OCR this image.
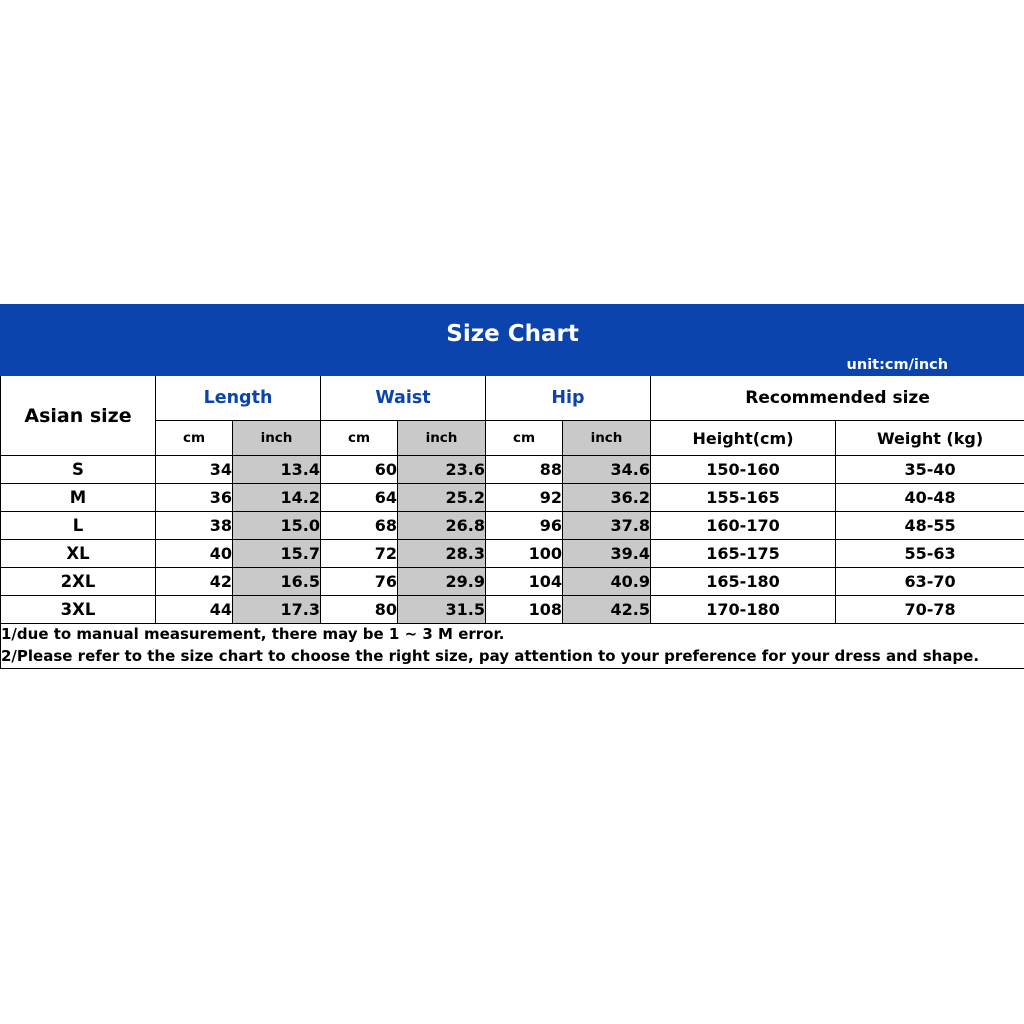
Size Chart
unit:cm/inch								

Asian size	Length		Waist		Hip		Recommended size	
	cm	inch	cm	inch	cm	inch	Height(cm)	Weight (kg)
S	34	13.4	60	23.6	88	34.6	150-160	35-40
M	36	14.2	64	25.2	92	36.2	155-165	40-48
L	38	15.0	68	26.8	96	37.8	160-170	48-55
XL	40	15.7	72	28.3	100	39.4	165-175	55-63
2XL	42	16.5	76	29.9	104	40.9	165-180	63-70
3XL	44	17.3	80	31.5	108	42.5	170-180	70-78

1/due to manual measurement, there may be 1 ~ 3 M error.
2/Please refer to the size chart to choose the right size, pay attention to your preference for your dress and shape.								
